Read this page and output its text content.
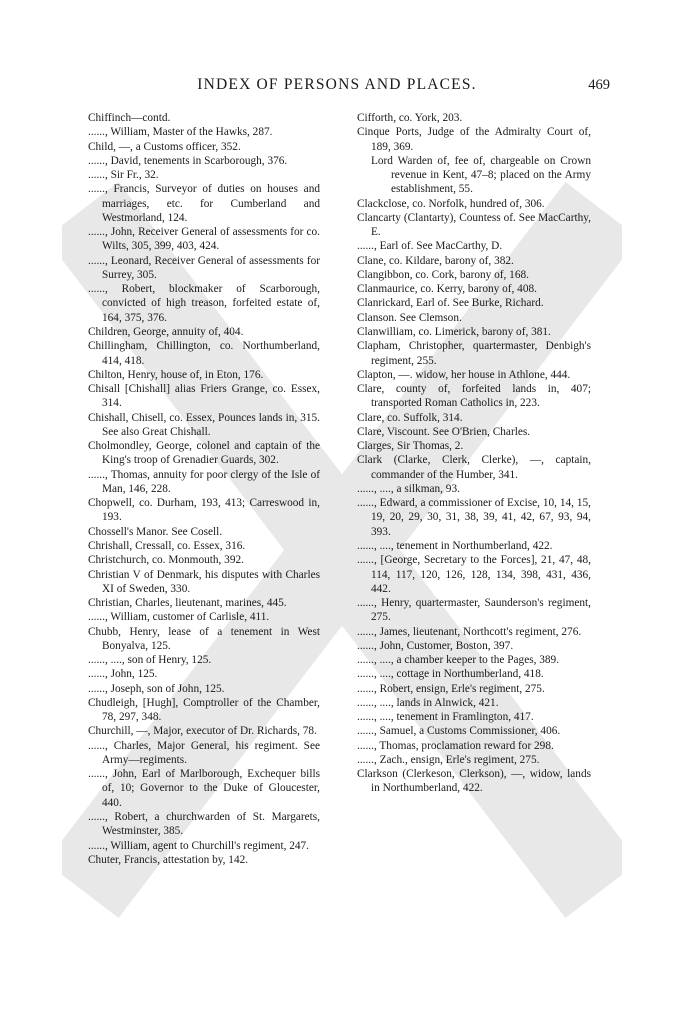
INDEX OF PERSONS AND PLACES.	469

Chiffinch—contd.

......, William, Master of the Hawks, 287.

Child, —, a Customs officer, 352.

......, David, tenements in Scarborough, 376.

......, Sir Fr., 32.

......, Francis, Surveyor of duties on houses and marriages, etc. for Cumberland and Westmorland, 124.

......, John, Receiver General of assessments for co. Wilts, 305, 399, 403, 424.

......, Leonard, Receiver General of assessments for Surrey, 305.

......, Robert, blockmaker of Scarborough, convicted of high treason, forfeited estate of, 164, 375, 376.

Children, George, annuity of, 404.

Chillingham, Chillington, co. Northumberland, 414, 418.

Chilton, Henry, house of, in Eton, 176.

Chisall [Chishall] alias Friers Grange, co. Essex, 314.

Chishall, Chisell, co. Essex, Pounces lands in, 315. See also Great Chishall.

Cholmondley, George, colonel and captain of the King's troop of Grenadier Guards, 302.

......, Thomas, annuity for poor clergy of the Isle of Man, 146, 228.

Chopwell, co. Durham, 193, 413; Carreswood in, 193.

Chossell's Manor. See Cosell.

Chrishall, Cressall, co. Essex, 316.

Christchurch, co. Monmouth, 392.

Christian V of Denmark, his disputes with Charles XI of Sweden, 330.

Christian, Charles, lieutenant, marines, 445.

......, William, customer of Carlisle, 411.

Chubb, Henry, lease of a tenement in West Bonyalva, 125.

......, ...., son of Henry, 125.

......, John, 125.

......, Joseph, son of John, 125.

Chudleigh, [Hugh], Comptroller of the Chamber, 78, 297, 348.

Churchill, —, Major, executor of Dr. Richards, 78.

......, Charles, Major General, his regiment. See Army—regiments.

......, John, Earl of Marlborough, Exchequer bills of, 10; Governor to the Duke of Gloucester, 440.

......, Robert, a churchwarden of St. Margarets, Westminster, 385.

......, William, agent to Churchill's regiment, 247.

Chuter, Francis, attestation by, 142.

Cifforth, co. York, 203.

Cinque Ports, Judge of the Admiralty Court of, 189, 369.

Lord Warden of, fee of, chargeable on Crown revenue in Kent, 47–8; placed on the Army establishment, 55.

Clackclose, co. Norfolk, hundred of, 306.

Clancarty (Clantarty), Countess of. See MacCarthy, E.

......, Earl of. See MacCarthy, D.

Clane, co. Kildare, barony of, 382.

Clangibbon, co. Cork, barony of, 168.

Clanmaurice, co. Kerry, barony of, 408.

Clanrickard, Earl of. See Burke, Richard.

Clanson. See Clemson.

Clanwilliam, co. Limerick, barony of, 381.

Clapham, Christopher, quartermaster, Denbigh's regiment, 255.

Clapton, —. widow, her house in Athlone, 444.

Clare, county of, forfeited lands in, 407; transported Roman Catholics in, 223.

Clare, co. Suffolk, 314.

Clare, Viscount. See O'Brien, Charles.

Clarges, Sir Thomas, 2.

Clark (Clarke, Clerk, Clerke), —, captain, commander of the Humber, 341.

......, ...., a silkman, 93.

......, Edward, a commissioner of Excise, 10, 14, 15, 19, 20, 29, 30, 31, 38, 39, 41, 42, 67, 93, 94, 393.

......, ...., tenement in Northumberland, 422.

......, [George, Secretary to the Forces], 21, 47, 48, 114, 117, 120, 126, 128, 134, 398, 431, 436, 442.

......, Henry, quartermaster, Saunderson's regiment, 275.

......, James, lieutenant, Northcott's regiment, 276.

......, John, Customer, Boston, 397.

......, ...., a chamber keeper to the Pages, 389.

......, ...., cottage in Northumberland, 418.

......, Robert, ensign, Erle's regiment, 275.

......, ...., lands in Alnwick, 421.

......, ...., tenement in Framlington, 417.

......, Samuel, a Customs Commissioner, 406.

......, Thomas, proclamation reward for 298.

......, Zach., ensign, Erle's regiment, 275.

Clarkson (Clerkeson, Clerkson), —, widow, lands in Northumberland, 422.
